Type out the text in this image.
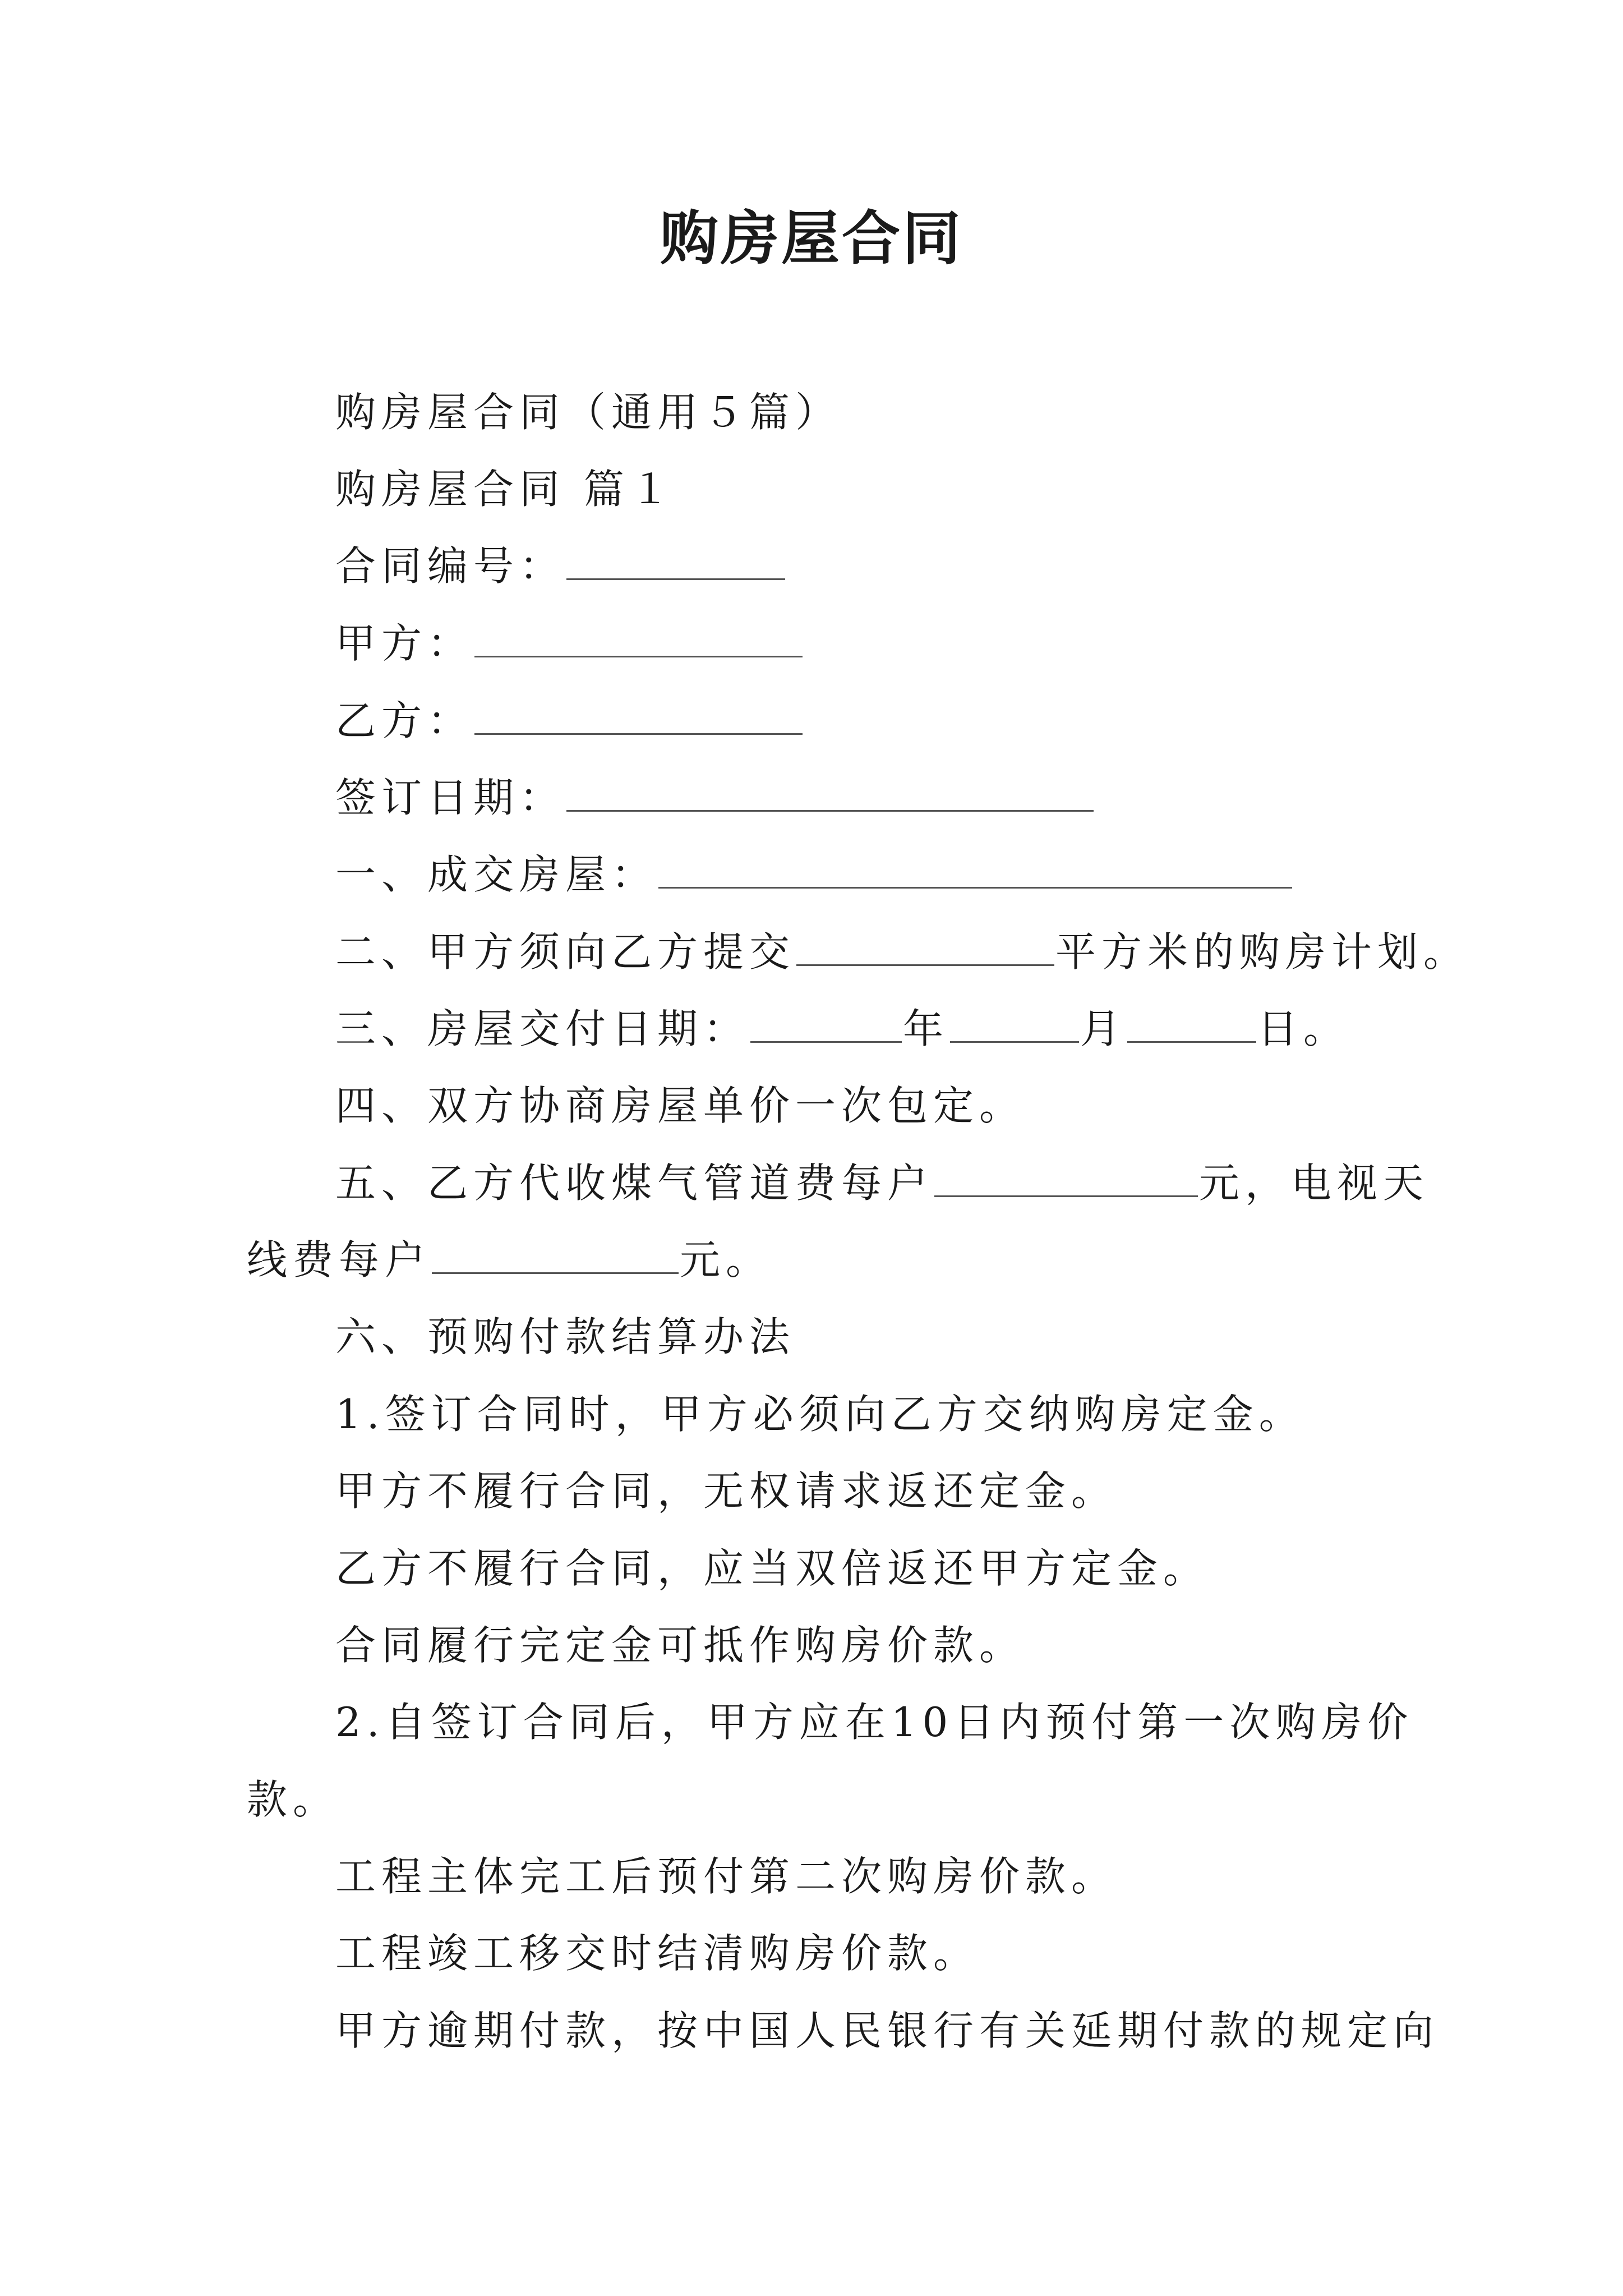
购房屋合同
购房屋合同（通用５篇）
购房屋合同 篇１
合同编号：
甲方：
乙方：
签订日期：
一、成交房屋：
二、甲方须向乙方提交	平方米的购房计划。
三、房屋交付日期：	年	月	日。
四、双方协商房屋单价一次包定。
五、乙方代收煤气管道费每户	元，电视天
线费每户	元。
六、预购付款结算办法
1.签订合同时，甲方必须向乙方交纳购房定金。
甲方不履行合同，无权请求返还定金。
乙方不履行合同，应当双倍返还甲方定金。
合同履行完定金可抵作购房价款。
2.自签订合同后，甲方应在10日内预付第一次购房价
款。
工程主体完工后预付第二次购房价款。
工程竣工移交时结清购房价款。
甲方逾期付款，按中国人民银行有关延期付款的规定向
